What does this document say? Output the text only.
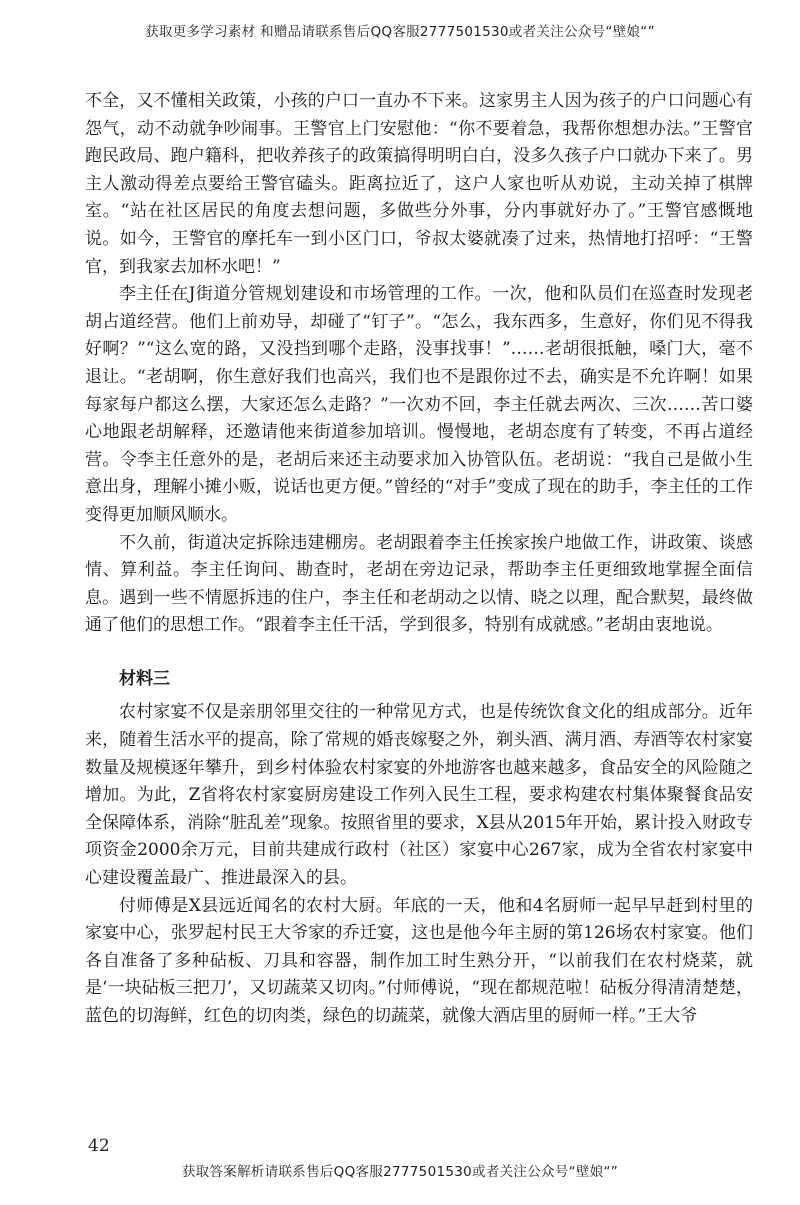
获取更多学习素材 和赠品请联系售后QQ客服2777501530或者关注公众号“壁娘“”

不全，又不懂相关政策，小孩的户口一直办不下来。这家男主人因为孩子的户口问题心有怨气，动不动就争吵闹事。王警官上门安慰他：“你不要着急，我帮你想想办法。”王警官跑民政局、跑户籍科，把收养孩子的政策搞得明明白白，没多久孩子户口就办下来了。男主人激动得差点要给王警官磕头。距离拉近了，这户人家也听从劝说，主动关掉了棋牌室。“站在社区居民的角度去想问题，多做些分外事，分内事就好办了。”王警官感慨地说。如今，王警官的摩托车一到小区门口，爷叔太婆就凑了过来，热情地打招呼：“王警官，到我家去加杯水吧！”

李主任在J街道分管规划建设和市场管理的工作。一次，他和队员们在巡查时发现老胡占道经营。他们上前劝导，却碰了“钉子”。“怎么，我东西多，生意好，你们见不得我好啊？”“这么宽的路，又没挡到哪个走路，没事找事！”……老胡很抵触，嗓门大，毫不退让。“老胡啊，你生意好我们也高兴，我们也不是跟你过不去，确实是不允许啊！如果每家每户都这么摆，大家还怎么走路？”一次劝不回，李主任就去两次、三次……苦口婆心地跟老胡解释，还邀请他来街道参加培训。慢慢地，老胡态度有了转变，不再占道经营。令李主任意外的是，老胡后来还主动要求加入协管队伍。老胡说：“我自己是做小生意出身，理解小摊小贩，说话也更方便。”曾经的“对手”变成了现在的助手，李主任的工作变得更加顺风顺水。

不久前，街道决定拆除违建棚房。老胡跟着李主任挨家挨户地做工作，讲政策、谈感情、算利益。李主任询问、勘查时，老胡在旁边记录，帮助李主任更细致地掌握全面信息。遇到一些不情愿拆违的住户，李主任和老胡动之以情、晓之以理，配合默契，最终做通了他们的思想工作。“跟着李主任干活，学到很多，特别有成就感。”老胡由衷地说。

材料三

农村家宴不仅是亲朋邻里交往的一种常见方式，也是传统饮食文化的组成部分。近年来，随着生活水平的提高，除了常规的婚丧嫁娶之外，剃头酒、满月酒、寿酒等农村家宴数量及规模逐年攀升，到乡村体验农村家宴的外地游客也越来越多，食品安全的风险随之增加。为此，Z省将农村家宴厨房建设工作列入民生工程，要求构建农村集体聚餐食品安全保障体系，消除“脏乱差”现象。按照省里的要求，X县从2015年开始，累计投入财政专项资金2000余万元，目前共建成行政村（社区）家宴中心267家，成为全省农村家宴中心建设覆盖最广、推进最深入的县。

付师傅是X县远近闻名的农村大厨。年底的一天，他和4名厨师一起早早赶到村里的家宴中心，张罗起村民王大爷家的乔迁宴，这也是他今年主厨的第126场农村家宴。他们各自准备了多种砧板、刀具和容器，制作加工时生熟分开，“以前我们在农村烧菜，就是‘一块砧板三把刀’，又切蔬菜又切肉。”付师傅说，“现在都规范啦！砧板分得清清楚楚，蓝色的切海鲜，红色的切肉类，绿色的切蔬菜，就像大酒店里的厨师一样。”王大爷

42
获取答案解析请联系售后QQ客服2777501530或者关注公众号“壁娘“”
